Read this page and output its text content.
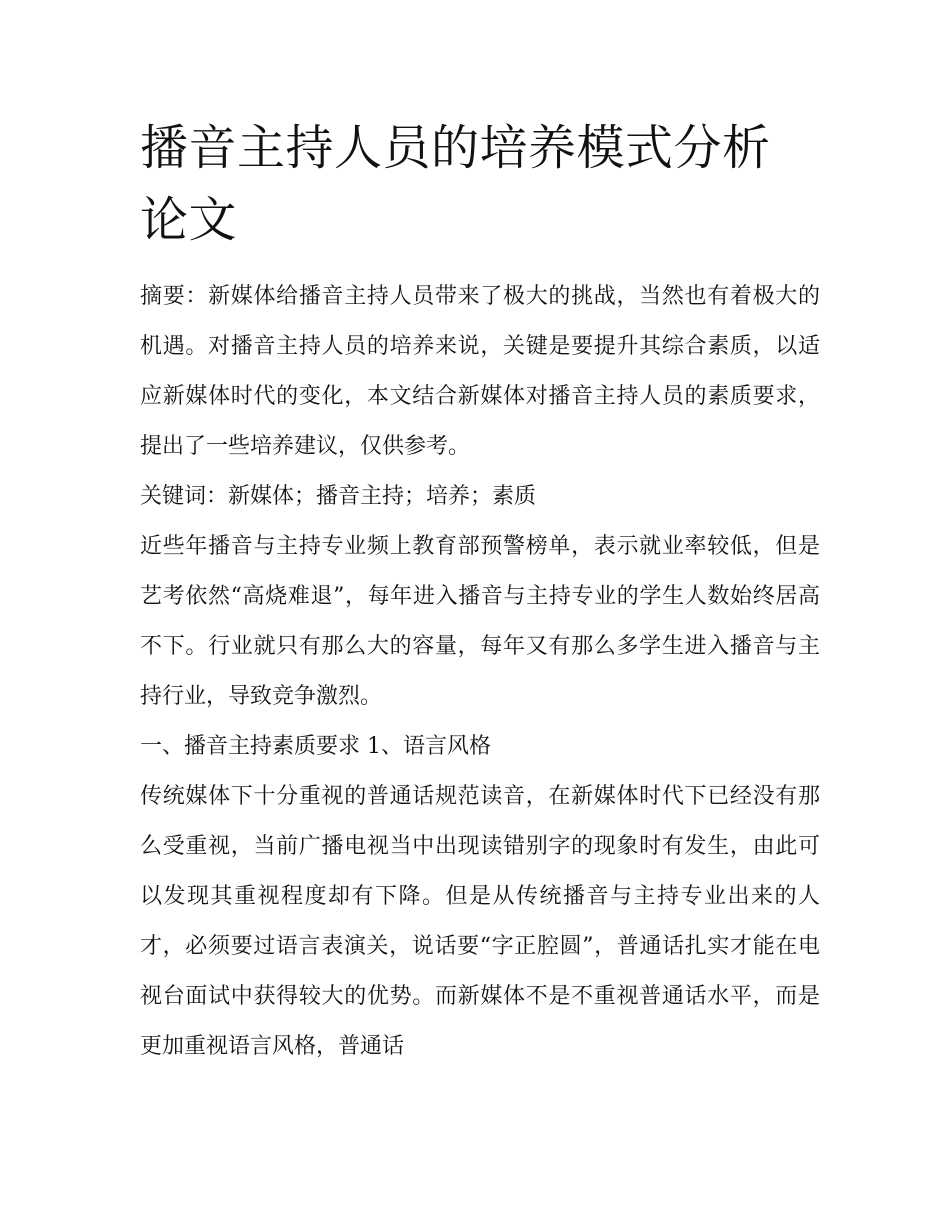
播音主持人员的培养模式分析
论文

摘要：新媒体给播音主持人员带来了极大的挑战，当然也有着极大的机遇。对播音主持人员的培养来说，关键是要提升其综合素质，以适应新媒体时代的变化，本文结合新媒体对播音主持人员的素质要求，提出了一些培养建议，仅供参考。

关键词：新媒体；播音主持；培养；素质

近些年播音与主持专业频上教育部预警榜单，表示就业率较低，但是艺考依然“高烧难退”，每年进入播音与主持专业的学生人数始终居高不下。行业就只有那么大的容量，每年又有那么多学生进入播音与主持行业，导致竞争激烈。

一、播音主持素质要求 1、语言风格

传统媒体下十分重视的普通话规范读音，在新媒体时代下已经没有那么受重视，当前广播电视当中出现读错别字的现象时有发生，由此可以发现其重视程度却有下降。但是从传统播音与主持专业出来的人才，必须要过语言表演关，说话要“字正腔圆”，普通话扎实才能在电视台面试中获得较大的优势。而新媒体不是不重视普通话水平，而是更加重视语言风格，普通话
